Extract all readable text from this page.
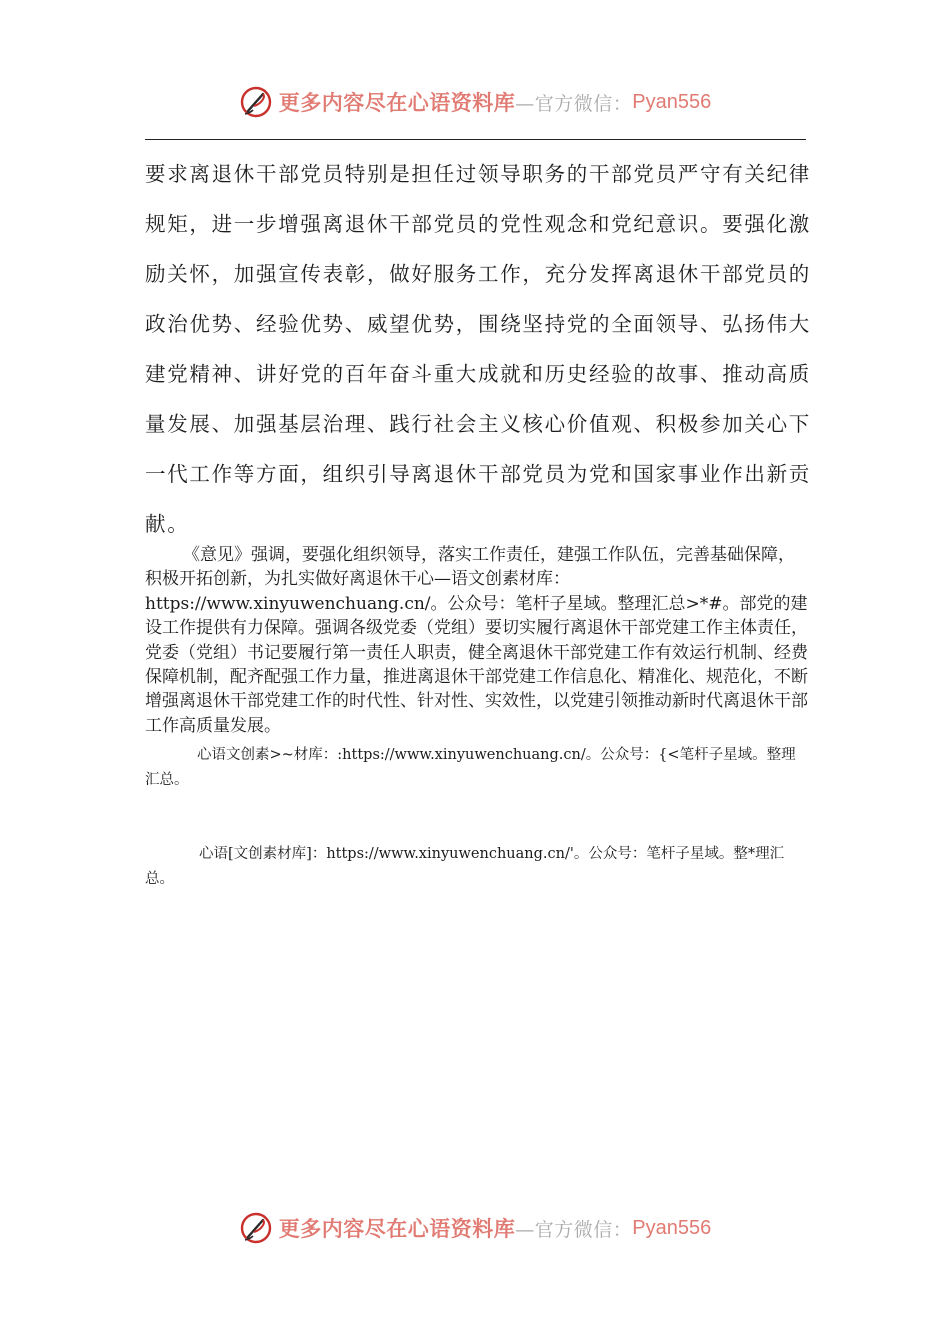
更多内容尽在心语资料库 —官方微信： Pyan556

要求离退休干部党员特别是担任过领导职务的干部党员严守有关纪律规矩，进一步增强离退休干部党员的党性观念和党纪意识。要强化激励关怀，加强宣传表彰，做好服务工作，充分发挥离退休干部党员的政治优势、经验优势、威望优势，围绕坚持党的全面领导、弘扬伟大建党精神、讲好党的百年奋斗重大成就和历史经验的故事、推动高质量发展、加强基层治理、践行社会主义核心价值观、积极参加关心下一代工作等方面，组织引导离退休干部党员为党和国家事业作出新贡献。

《意见》强调，要强化组织领导，落实工作责任，建强工作队伍，完善基础保障，积极开拓创新，为扎实做好离退休干心—语文创素材库：https://www.xinyuwenchuang.cn/。公众号：笔杆子星域。整理汇总>*#。部党的建设工作提供有力保障。强调各级党委（党组）要切实履行离退休干部党建工作主体责任，党委（党组）书记要履行第一责任人职责，健全离退休干部党建工作有效运行机制、经费保障机制，配齐配强工作力量，推进离退休干部党建工作信息化、精准化、规范化，不断增强离退休干部党建工作的时代性、针对性、实效性，以党建引领推动新时代离退休干部工作高质量发展。

心语文创素>~材库：:https://www.xinyuwenchuang.cn/。公众号：{<笔杆子星域。整理汇总。

心语[文创素材库]：https://www.xinyuwenchuang.cn/'。公众号：笔杆子星域。整*理汇总。

更多内容尽在心语资料库 —官方微信： Pyan556
